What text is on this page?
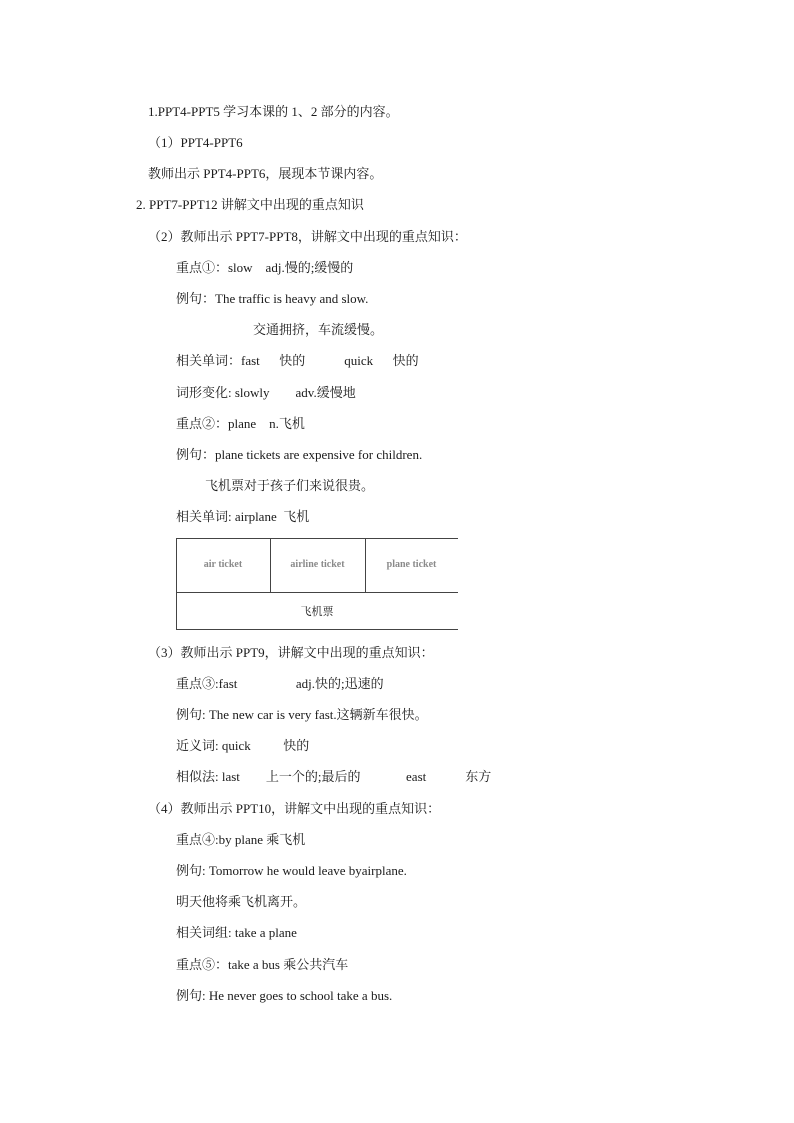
1.PPT4-PPT5 学习本课的 1、2 部分的内容。
（1）PPT4-PPT6
教师出示 PPT4-PPT6，展现本节课内容。
2. PPT7-PPT12 讲解文中出现的重点知识
（2）教师出示 PPT7-PPT8，讲解文中出现的重点知识：
重点①：slow    adj.慢的;缓慢的
例句：The traffic is heavy and slow.
交通拥挤，车流缓慢。
相关单词：fast      快的            quick      快的
词形变化: slowly        adv.缓慢地
重点②：plane    n.飞机
例句：plane tickets are expensive for children.
飞机票对于孩子们来说很贵。
相关单词: airplane  飞机
air ticket	airline ticket	plane ticket
飞机票
（3）教师出示 PPT9，讲解文中出现的重点知识：
重点③:fast                  adj.快的;迅速的
例句: The new car is very fast.这辆新车很快。
近义词: quick          快的
相似法: last        上一个的;最后的              east            东方
（4）教师出示 PPT10，讲解文中出现的重点知识：
重点④:by plane 乘飞机
例句: Tomorrow he would leave byairplane.
明天他将乘飞机离开。
相关词组: take a plane
重点⑤：take a bus 乘公共汽车
例句: He never goes to school take a bus.
